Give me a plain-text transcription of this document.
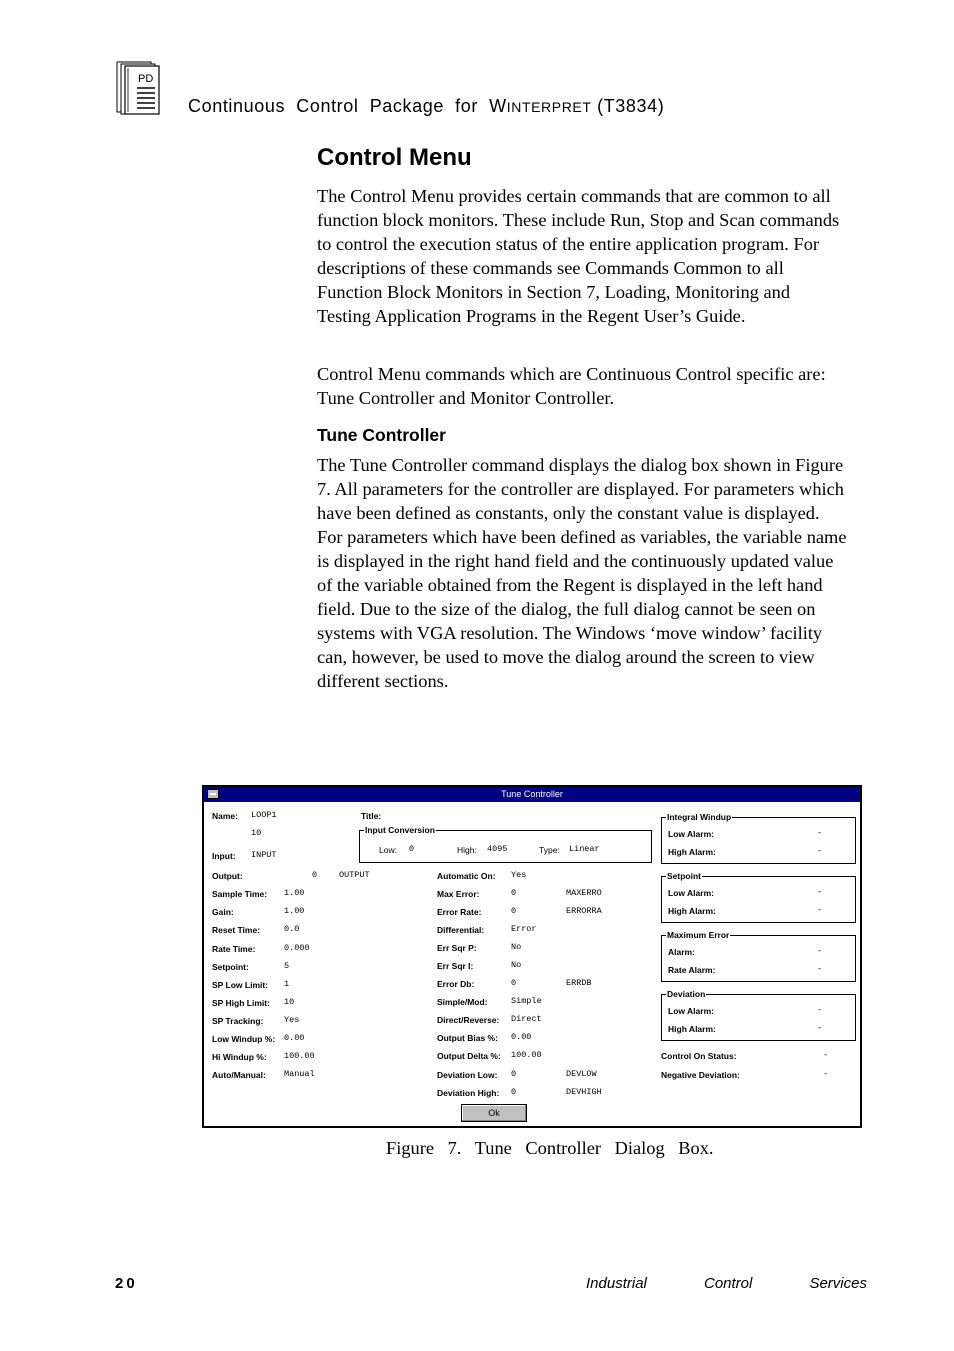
PD
Continuous  Control  Package  for  WINTERPRET (T3834)
Control Menu

The Control Menu provides certain commands that are common to all function block monitors. These include Run, Stop and Scan commands to control the execution status of the entire application program. For descriptions of these commands see Commands Common to all Function Block Monitors in Section 7, Loading, Monitoring and Testing Application Programs in the Regent User’s Guide.

Control Menu commands which are Continuous Control specific are: Tune Controller and Monitor Controller.

Tune Controller

The Tune Controller command displays the dialog box shown in Figure 7. All parameters for the controller are displayed. For parameters which have been defined as constants, only the constant value is displayed. For parameters which have been defined as variables, the variable name is displayed in the right hand field and the continuously updated value of the variable obtained from the Regent is displayed in the left hand field. Due to the size of the dialog, the full dialog cannot be seen on systems with VGA resolution. The Windows ‘move window’ facility can, however, be used to move the dialog around the screen to view different sections.

Tune Controller
Name: LOOP1
10
Title:
Input: INPUT
Input Conversion
Low: 0	High: 4095	Type: Linear
Output:	0	OUTPUT
Sample Time: 1.00
Gain:	1.00
Reset Time:	0.0
Rate Time:	0.000
Setpoint:	5
SP Low Limit: 1
SP High Limit: 10
SP Tracking: Yes
Low Windup %: 0.00
Hi Windup %: 100.00
Auto/Manual: Manual
Automatic On: Yes
Max Error:	0	MAXERRO
Error Rate:	0	ERRORRA
Differential:	Error
Err Sqr P:	No
Err Sqr I:	No
Error Db:	0	ERRDB
Simple/Mod:	Simple
Direct/Reverse: Direct
Output Bias %: 0.00
Output Delta %: 100.00
Deviation Low: 0	DEVLOW
Deviation High: 0	DEVHIGH
Integral Windup
Low Alarm:	-
High Alarm:	-
Setpoint
Low Alarm:	-
High Alarm:	-
Maximum Error
Alarm:	-
Rate Alarm:	-
Deviation
Low Alarm:	-
High Alarm:	-
Control On Status:	-
Negative Deviation:	-
Ok
Figure 7. Tune Controller Dialog Box.
20	Industrial	Control	Services
